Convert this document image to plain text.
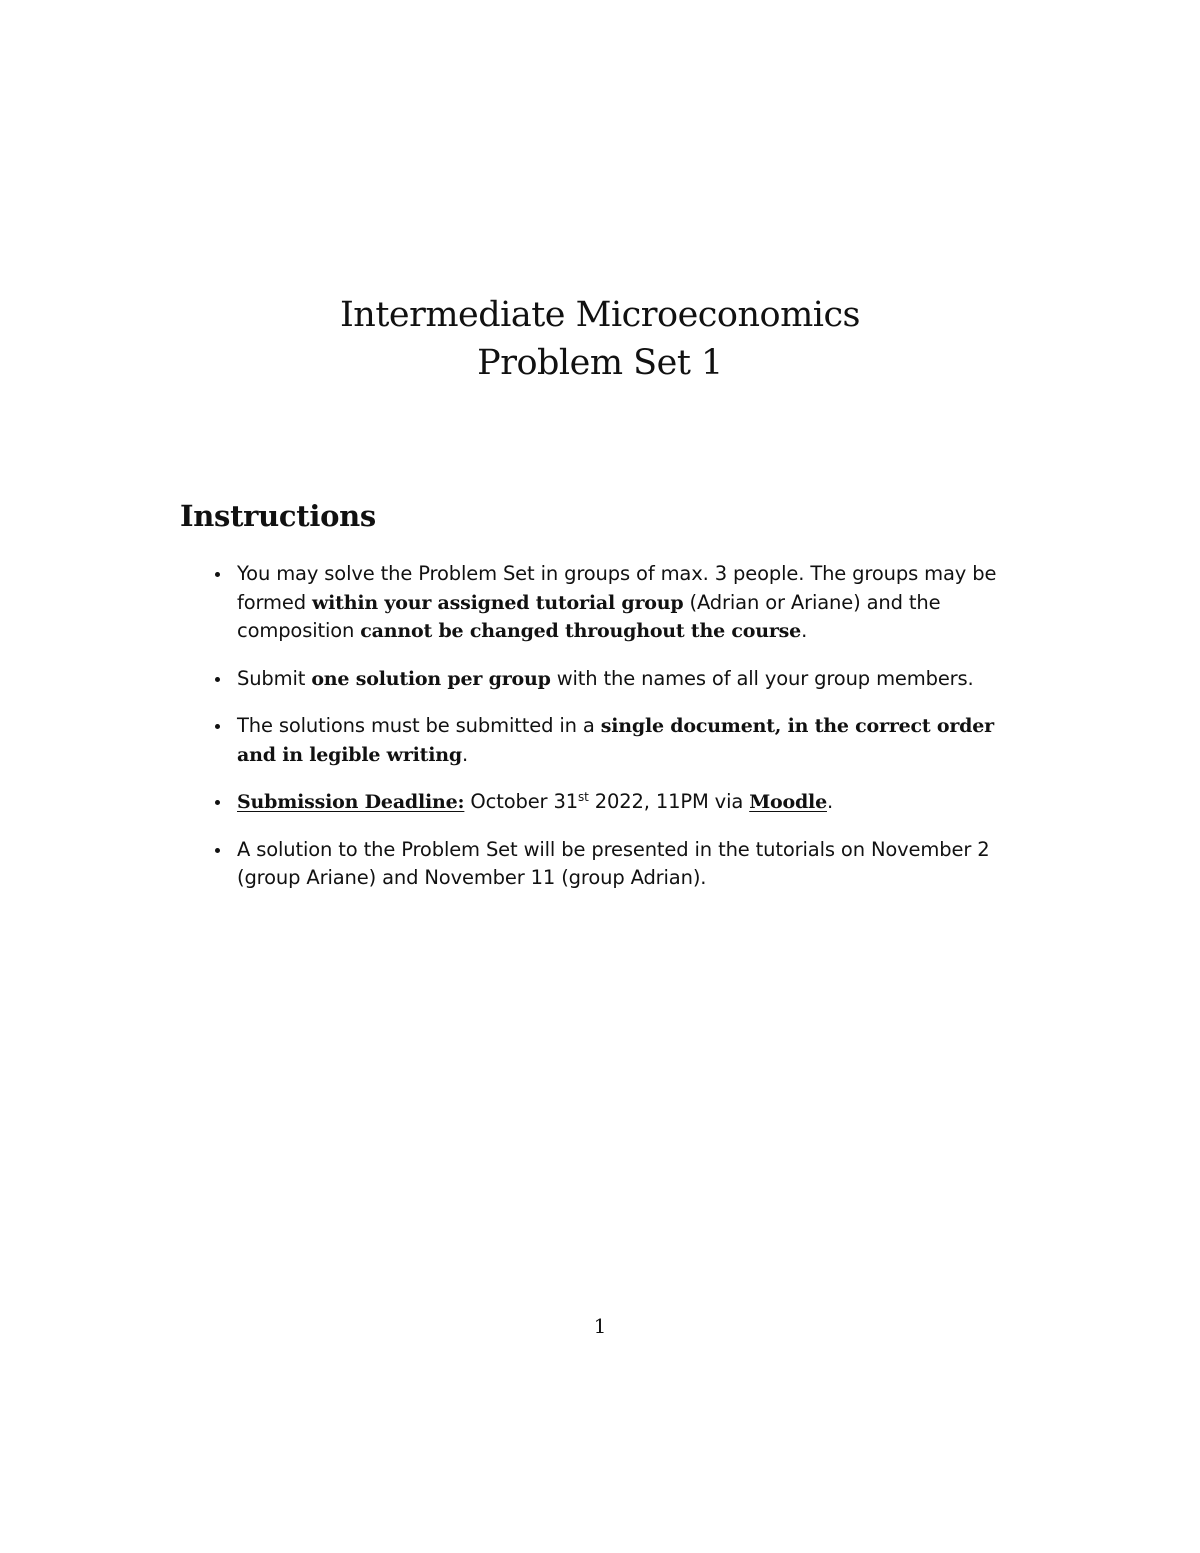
Intermediate Microeconomics
Problem Set 1
Instructions
You may solve the Problem Set in groups of max. 3 people. The groups may be formed within your assigned tutorial group (Adrian or Ariane) and the composition cannot be changed throughout the course.
Submit one solution per group with the names of all your group members.
The solutions must be submitted in a single document, in the correct order and in legible writing.
Submission Deadline: October 31st 2022, 11PM via Moodle.
A solution to the Problem Set will be presented in the tutorials on November 2 (group Ariane) and November 11 (group Adrian).
1
